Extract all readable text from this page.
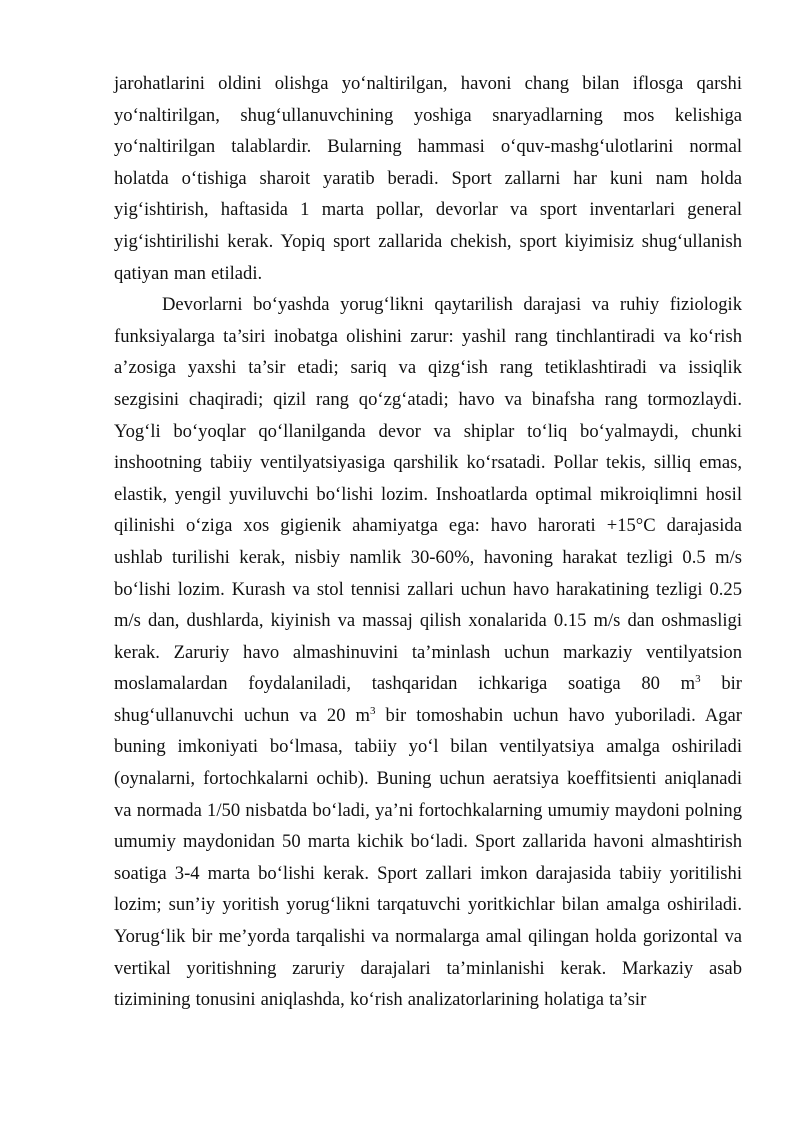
jarohatlarini oldini olishga yo‘naltirilgan, havoni chang bilan iflosga qarshi yo‘naltirilgan, shug‘ullanuvchining yoshiga snaryadlarning mos kelishiga yo‘naltirilgan talablardir. Bularning hammasi o‘quv-mashg‘ulotlarini normal holatda o‘tishiga sharoit yaratib beradi. Sport zallarni har kuni nam holda yig‘ishtirish, haftasida 1 marta pollar, devorlar va sport inventarlari general yig‘ishtirilishi kerak. Yopiq sport zallarida chekish, sport kiyimisiz shug‘ullanish qatiyan man etiladi.

Devorlarni bo‘yashda yorug‘likni qaytarilish darajasi va ruhiy fiziologik funksiyalarga ta’siri inobatga olishini zarur: yashil rang tinchlantiradi va ko‘rish a’zosiga yaxshi ta’sir etadi; sariq va qizg‘ish rang tetiklashtiradi va issiqlik sezgisini chaqiradi; qizil rang qo‘zg‘atadi; havo va binafsha rang tormozlaydi. Yog‘li bo‘yoqlar qo‘llanilganda devor va shiplar to‘liq bo‘yalmaydi, chunki inshootning tabiiy ventilyatsiyasiga qarshilik ko‘rsatadi. Pollar tekis, silliq emas, elastik, yengil yuviluvchi bo‘lishi lozim. Inshoatlarda optimal mikroiqlimni hosil qilinishi o‘ziga xos gigienik ahamiyatga ega: havo harorati +15°C darajasida ushlab turilishi kerak, nisbiy namlik 30-60%, havoning harakat tezligi 0.5 m/s bo‘lishi lozim. Kurash va stol tennisi zallari uchun havo harakatining tezligi 0.25 m/s dan, dushlarda, kiyinish va massaj qilish xonalarida 0.15 m/s dan oshmasligi kerak. Zaruriy havo almashinuvini ta’minlash uchun markaziy ventilyatsion moslamalardan foydalaniladi, tashqaridan ichkariga soatiga 80 $m^3$ bir shug‘ullanuvchi uchun va 20 $m^3$ bir tomoshabin uchun havo yuboriladi. Agar buning imkoniyati bo‘lmasa, tabiiy yo‘l bilan ventilyatsiya amalga oshiriladi (oynalarni, fortochkalarni ochib). Buning uchun aeratsiya koeffitsienti aniqlanadi va normada 1/50 nisbatda bo‘ladi, ya’ni fortochkalarning umumiy maydoni polning umumiy maydonidan 50 marta kichik bo‘ladi. Sport zallarida havoni almashtirish soatiga 3-4 marta bo‘lishi kerak. Sport zallari imkon darajasida tabiiy yoritilishi lozim; sun’iy yoritish yorug‘likni tarqatuvchi yoritkichlar bilan amalga oshiriladi. Yorug‘lik bir me’yorda tarqalishi va normalarga amal qilingan holda gorizontal va vertikal yoritishning zaruriy darajalari ta’minlanishi kerak. Markaziy asab tizimining tonusini aniqlashda, ko‘rish analizatorlarining holatiga ta’sir
